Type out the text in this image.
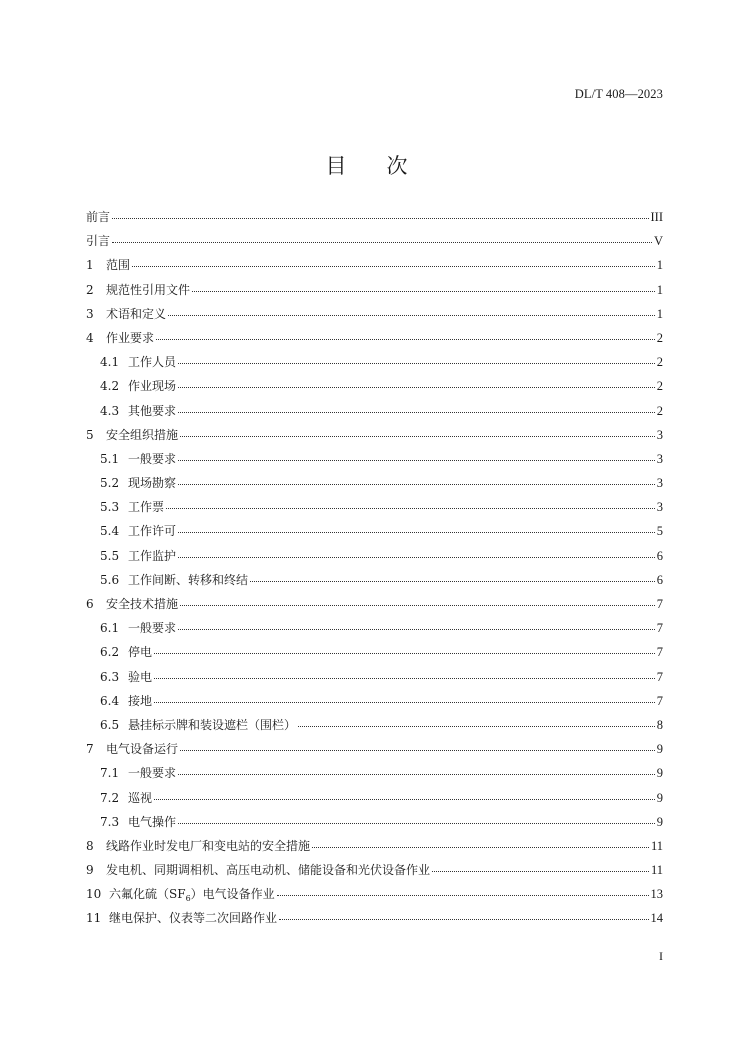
DL/T 408—2023
目次
前言	III
引言	V
1	范围	1
2	规范性引用文件	1
3	术语和定义	1
4	作业要求	2
4.1 工作人员	2
4.2 作业现场	2
4.3 其他要求	2
5	安全组织措施	3
5.1 一般要求	3
5.2 现场勘察	3
5.3 工作票	3
5.4 工作许可	5
5.5 工作监护	6
5.6 工作间断、转移和终结	6
6	安全技术措施	7
6.1 一般要求	7
6.2 停电	7
6.3 验电	7
6.4 接地	7
6.5 悬挂标示牌和装设遮栏（围栏）	8
7	电气设备运行	9
7.1 一般要求	9
7.2 巡视	9
7.3 电气操作	9
8	线路作业时发电厂和变电站的安全措施	11
9	发电机、同期调相机、高压电动机、储能设备和光伏设备作业	11
10 六氟化硫$(SF_6)$电气设备作业	13
11 继电保护、仪表等二次回路作业	14
I
